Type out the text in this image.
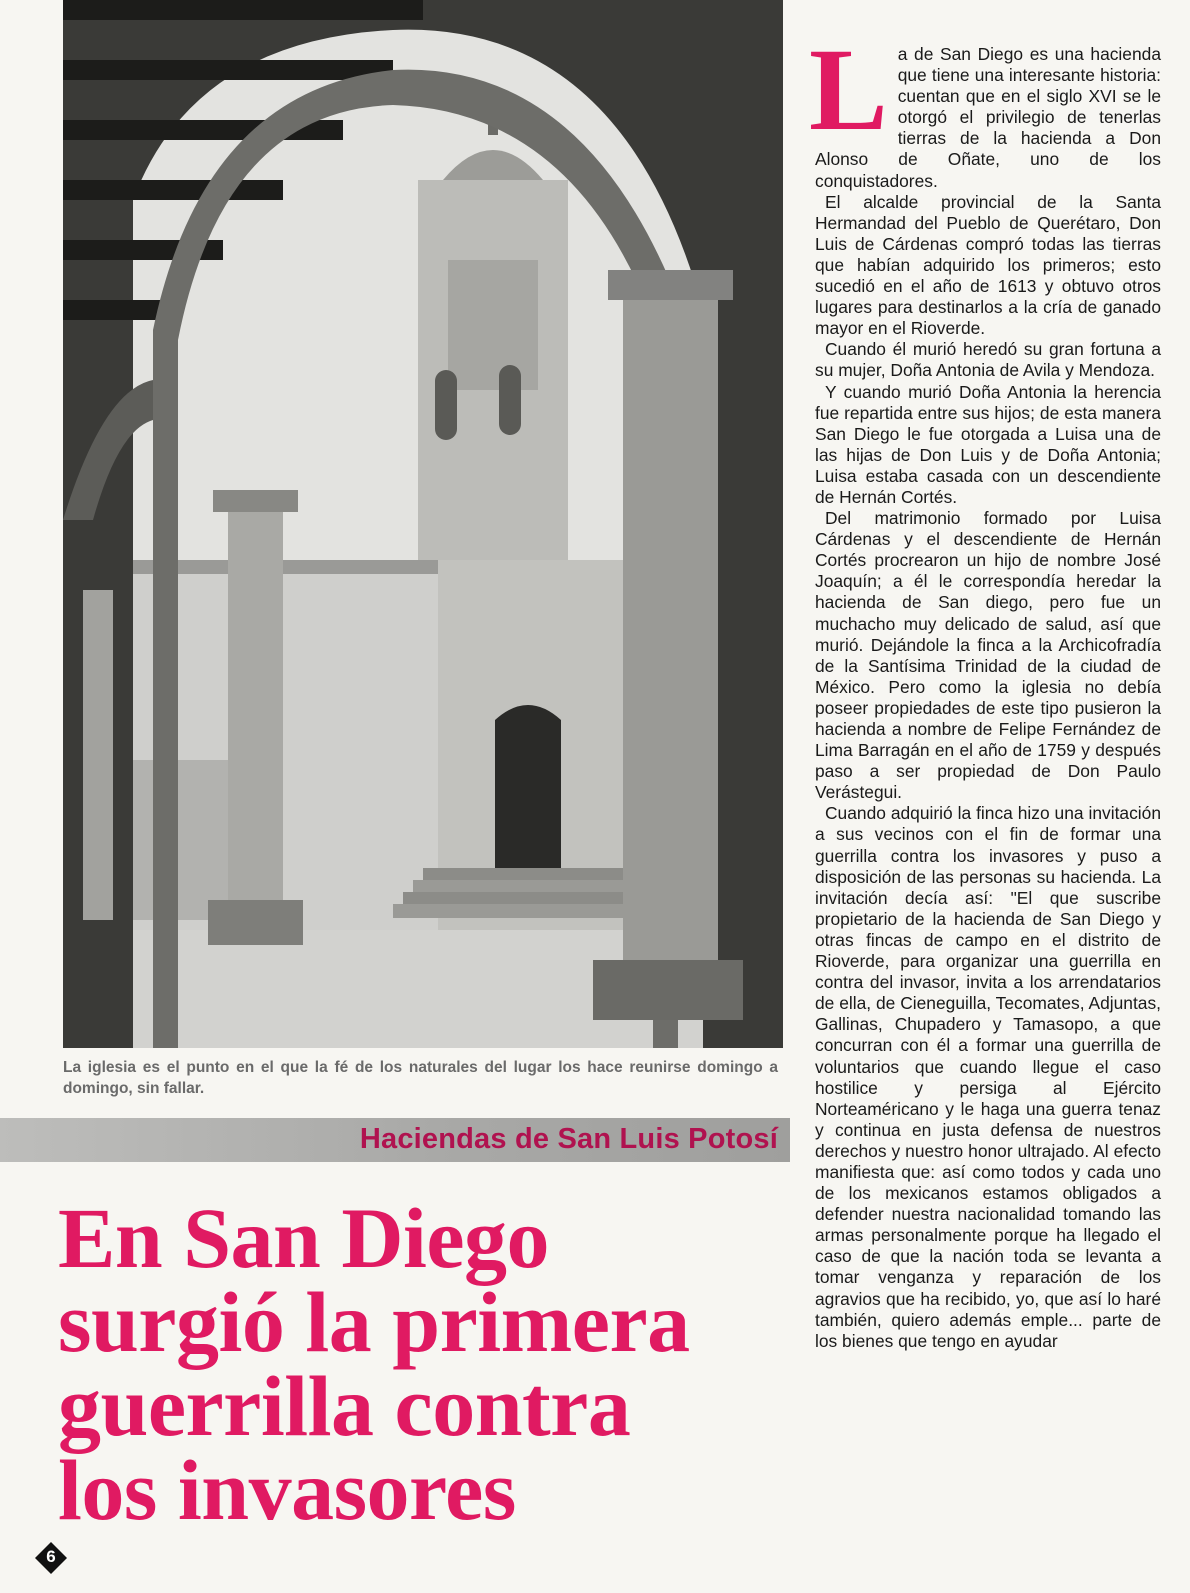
La iglesia es el punto en el que la fé de los naturales del lugar los hace reunirse domingo a domingo, sin fallar.
Haciendas de San Luis Potosí
En San Diego
surgió la primera
guerrilla contra
los invasores
6

La de San Diego es una hacienda que tiene una interesante historia: cuentan que en el siglo XVI se le otorgó el privilegio de tenerlas tierras de la hacienda a Don Alonso de Oñate, uno de los conquistadores.

El alcalde provincial de la Santa Hermandad del Pueblo de Querétaro, Don Luis de Cárdenas compró todas las tierras que habían adquirido los primeros; esto sucedió en el año de 1613 y obtuvo otros lugares para destinarlos a la cría de ganado mayor en el Rioverde.

Cuando él murió heredó su gran fortuna a su mujer, Doña Antonia de Avila y Mendoza.

Y cuando murió Doña Antonia la herencia fue repartida entre sus hijos; de esta manera San Diego le fue otorgada a Luisa una de las hijas de Don Luis y de Doña Antonia; Luisa estaba casada con un descendiente de Hernán Cortés.

Del matrimonio formado por Luisa Cárdenas y el descendiente de Hernán Cortés procrearon un hijo de nombre José Joaquín; a él le correspondía heredar la hacienda de San diego, pero fue un muchacho muy delicado de salud, así que murió. Dejándole la finca a la Archicofradía de la Santísima Trinidad de la ciudad de México. Pero como la iglesia no debía poseer propiedades de este tipo pusieron la hacienda a nombre de Felipe Fernández de Lima Barragán en el año de 1759 y después paso a ser propiedad de Don Paulo Verástegui.

Cuando adquirió la finca hizo una invitación a sus vecinos con el fin de formar una guerrilla contra los invasores y puso a disposición de las personas su hacienda. La invitación decía así: "El que suscribe propietario de la hacienda de San Diego y otras fincas de campo en el distrito de Rioverde, para organizar una guerrilla en contra del invasor, invita a los arrendatarios de ella, de Cieneguilla, Tecomates, Adjuntas, Gallinas, Chupadero y Tamasopo, a que concurran con él a formar una guerrilla de voluntarios que cuando llegue el caso hostilice y persiga al Ejército Norteaméricano y le haga una guerra tenaz y continua en justa defensa de nuestros derechos y nuestro honor ultrajado. Al efecto manifiesta que: así como todos y cada uno de los mexicanos estamos obligados a defender nuestra nacionalidad tomando las armas personalmente porque ha llegado el caso de que la nación toda se levanta a tomar venganza y reparación de los agravios que ha recibido, yo, que así lo haré también, quiero además emple... parte de los bienes que tengo en ayudar
